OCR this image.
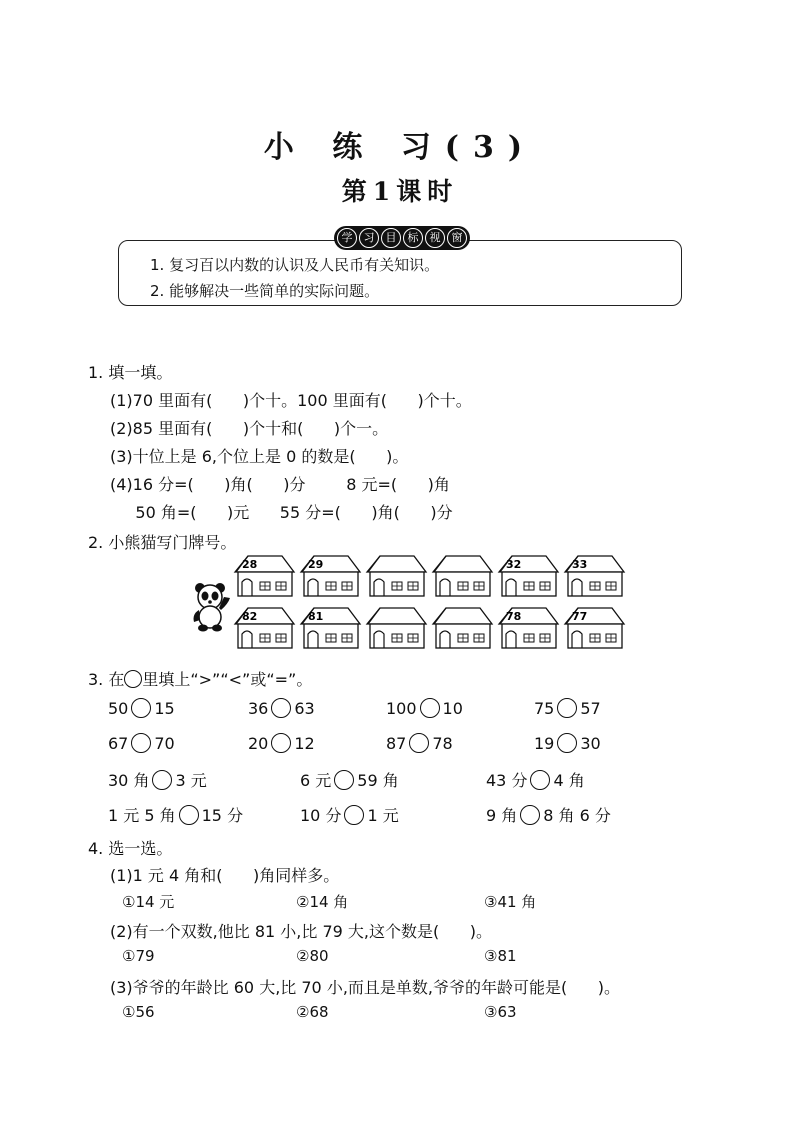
小 练 习(3)
第1课时
学	习	目	标	视	窗
1. 复习百以内数的认识及人民币有关知识。
2. 能够解决一些简单的实际问题。
1. 填一填。
(1)70 里面有(      )个十。100 里面有(      )个十。
(2)85 里面有(      )个十和(      )个一。
(3)十位上是 6,个位上是 0 的数是(      )。
(4)16 分=(      )角(      )分        8 元=(      )角
50 角=(      )元      55 分=(      )角(      )分
2. 小熊猫写门牌号。
28	29	32	33
82	81	78	77
3. 在 里填上“>”“<”或“=”。
50 15	36 63	100 10	75 57
67 70	20 12	87 78	19 30
30 角 3 元	6 元 59 角	43 分 4 角
1 元 5 角 15 分	10 分 1 元	9 角 8 角 6 分
4. 选一选。
(1)1 元 4 角和(      )角同样多。
①14 元	②14 角	③41 角
(2)有一个双数,他比 81 小,比 79 大,这个数是(      )。
①79	②80	③81
(3)爷爷的年龄比 60 大,比 70 小,而且是单数,爷爷的年龄可能是(      )。
①56	②68	③63
